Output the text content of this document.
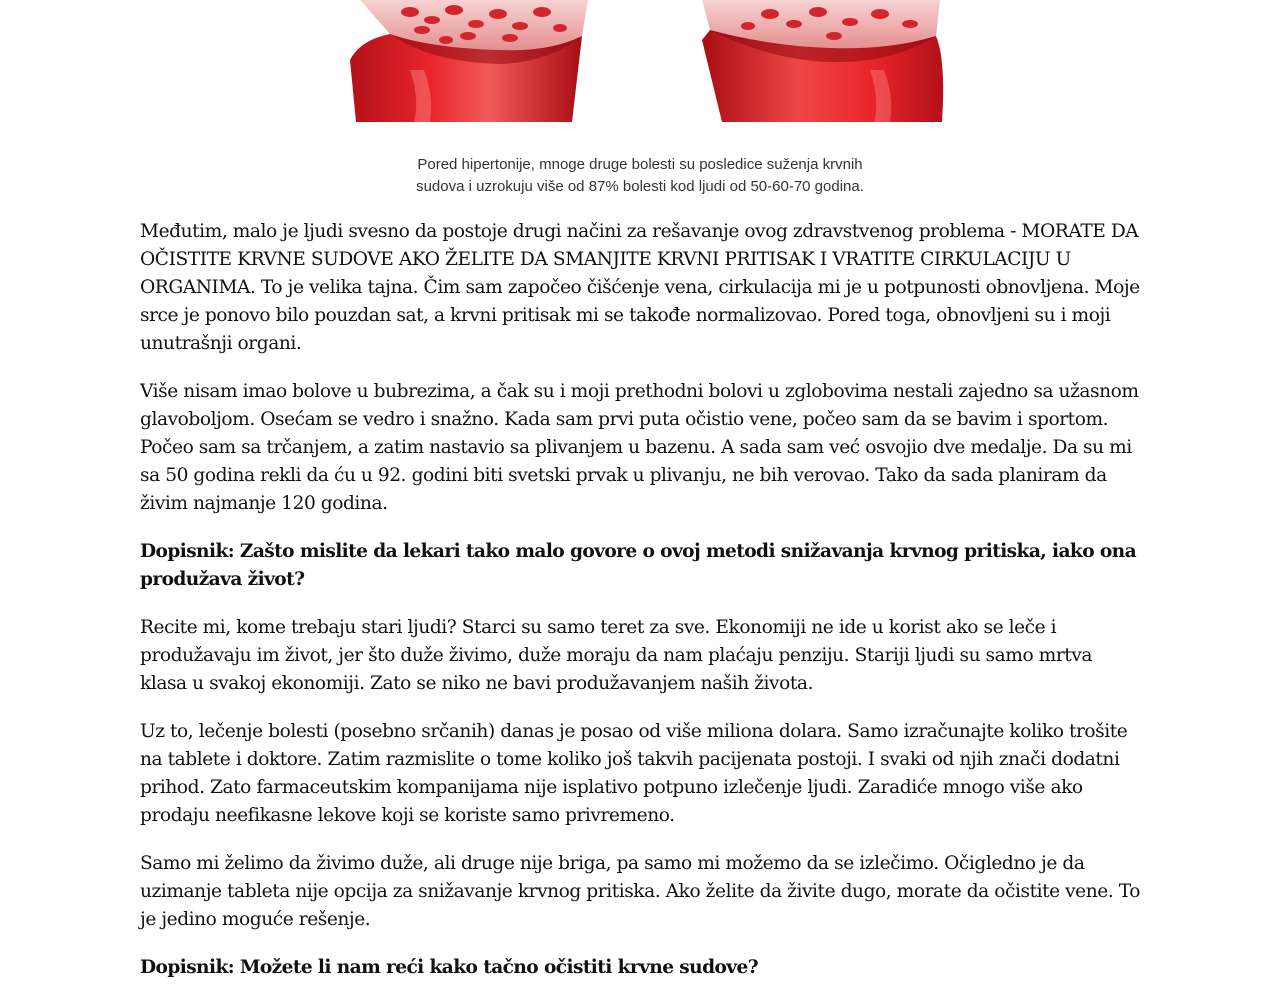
Pored hipertonije, mnoge druge bolesti su posledice suženja krvnih
sudova i uzrokuju više od 87% bolesti kod ljudi od 50-60-70 godina.

Međutim, malo je ljudi svesno da postoje drugi načini za rešavanje ovog zdravstvenog problema - MORATE DA OČISTITE KRVNE SUDOVE AKO ŽELITE DA SMANJITE KRVNI PRITISAK I VRATITE CIRKULACIJU U ORGANIMA. To je velika tajna. Čim sam započeo čišćenje vena, cirkulacija mi je u potpunosti obnovljena. Moje srce je ponovo bilo pouzdan sat, a krvni pritisak mi se takođe normalizovao. Pored toga, obnovljeni su i moji unutrašnji organi.

Više nisam imao bolove u bubrezima, a čak su i moji prethodni bolovi u zglobovima nestali zajedno sa užasnom glavoboljom. Osećam se vedro i snažno. Kada sam prvi puta očistio vene, počeo sam da se bavim i sportom. Počeo sam sa trčanjem, a zatim nastavio sa plivanjem u bazenu. A sada sam već osvojio dve medalje. Da su mi sa 50 godina rekli da ću u 92. godini biti svetski prvak u plivanju, ne bih verovao. Tako da sada planiram da živim najmanje 120 godina.

Dopisnik: Zašto mislite da lekari tako malo govore o ovoj metodi snižavanja krvnog pritiska, iako ona produžava život?

Recite mi, kome trebaju stari ljudi? Starci su samo teret za sve. Ekonomiji ne ide u korist ako se leče i produžavaju im život, jer što duže živimo, duže moraju da nam plaćaju penziju. Stariji ljudi su samo mrtva klasa u svakoj ekonomiji. Zato se niko ne bavi produžavanjem naših života.

Uz to, lečenje bolesti (posebno srčanih) danas je posao od više miliona dolara. Samo izračunajte koliko trošite na tablete i doktore. Zatim razmislite o tome koliko još takvih pacijenata postoji. I svaki od njih znači dodatni prihod. Zato farmaceutskim kompanijama nije isplativo potpuno izlečenje ljudi. Zaradiće mnogo više ako prodaju neefikasne lekove koji se koriste samo privremeno.

Samo mi želimo da živimo duže, ali druge nije briga, pa samo mi možemo da se izlečimo. Očigledno je da uzimanje tableta nije opcija za snižavanje krvnog pritiska. Ako želite da živite dugo, morate da očistite vene. To je jedino moguće rešenje.

Dopisnik: Možete li nam reći kako tačno očistiti krvne sudove?
